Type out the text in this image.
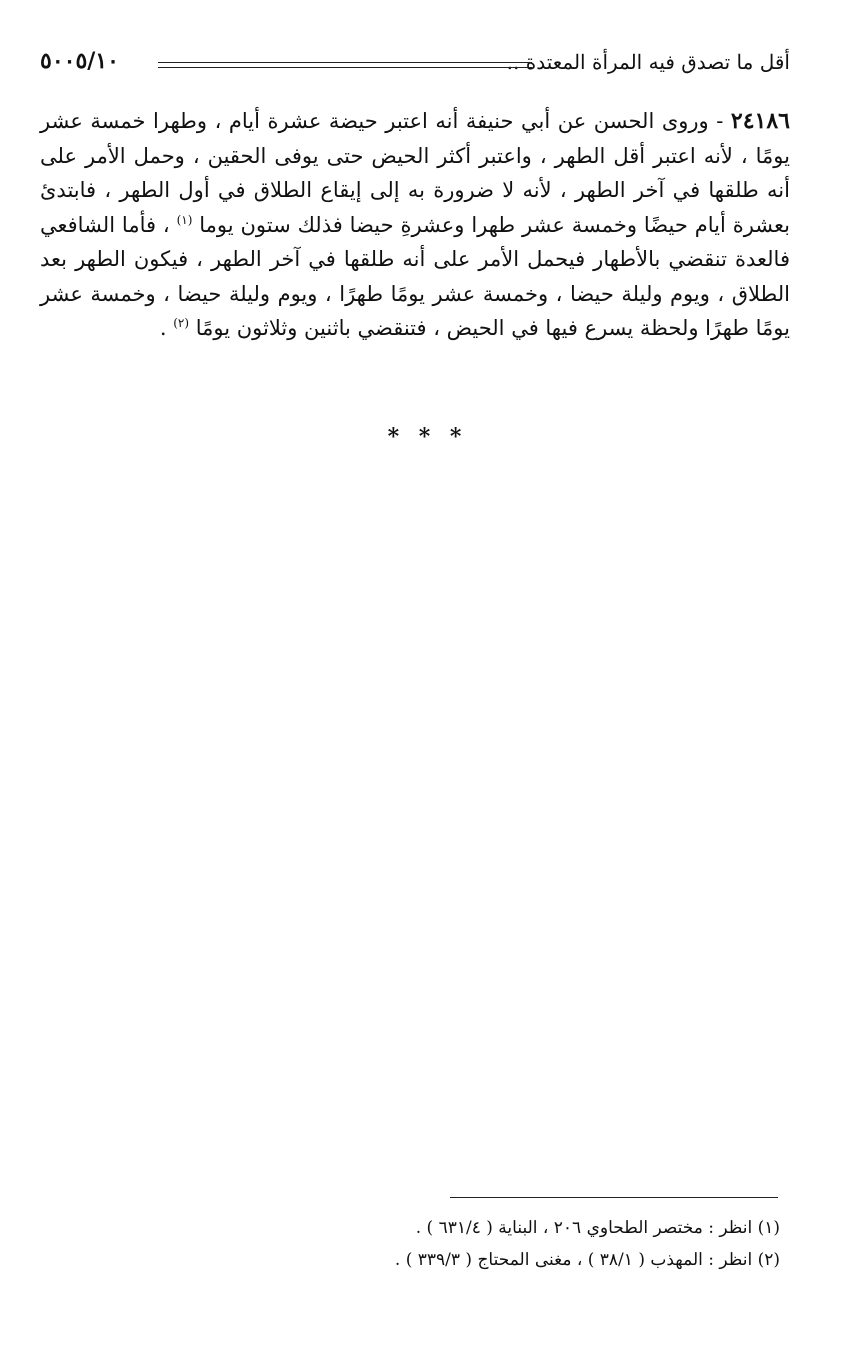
أقل ما تصدق فيه المرأة المعتدة ..
٥٠٠٥/١٠
٢٤١٨٦ - وروى الحسن عن أبي حنيفة أنه اعتبر حيضة عشرة أيام ، وطهرا خمسة عشر يومًا ، لأنه اعتبر أقل الطهر ، واعتبر أكثر الحيض حتى يوفى الحقين ، وحمل الأمر على أنه طلقها في آخر الطهر ، لأنه لا ضرورة به إلى إيقاع الطلاق في أول الطهر ، فابتدئ بعشرة أيام حيضًا وخمسة عشر طهرا وعشرةِ حيضا فذلك ستون يوما $^{(١)}$ ، فأما الشافعي فالعدة تنقضي بالأطهار فيحمل الأمر على أنه طلقها في آخر الطهر ، فيكون الطهر بعد الطلاق ، ويوم وليلة حيضا ، وخمسة عشر يومًا طهرًا ، ويوم وليلة حيضا ، وخمسة عشر يومًا طهرًا ولحظة يسرع فيها في الحيض ، فتنقضي باثنين وثلاثون يومًا $^{(٢)}$ .
* * *
(١) انظر : مختصر الطحاوي ٢٠٦ ، البناية ( ٦٣١/٤ ) .
(٢) انظر : المهذب ( ٣٨/١ ) ، مغنى المحتاج ( ٣٣٩/٣ ) .
